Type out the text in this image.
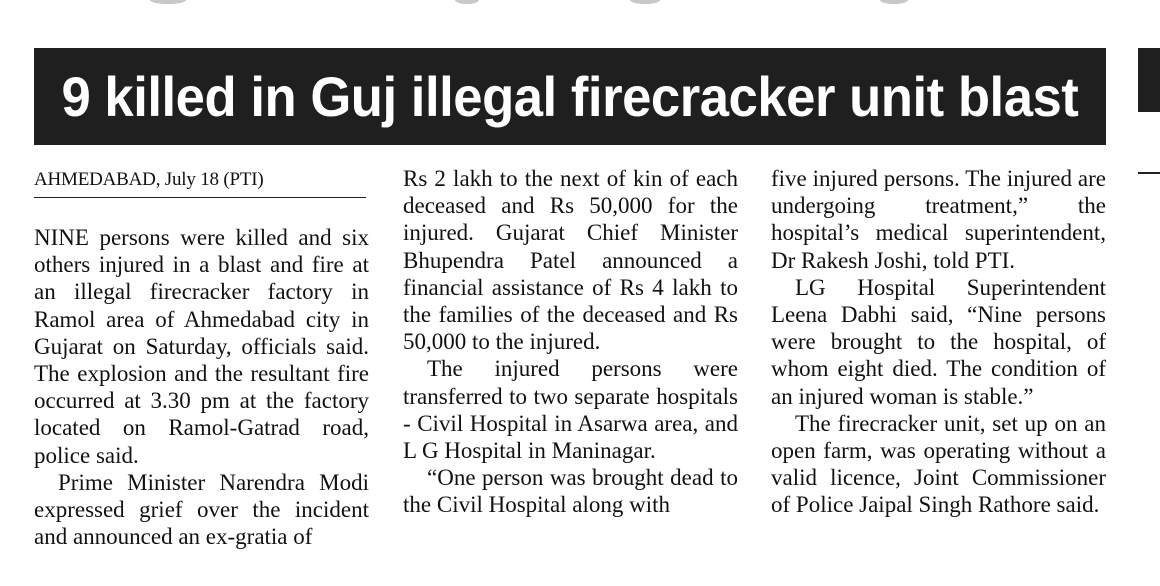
9 killed in Guj illegal firecracker unit blast
AHMEDABAD, July 18 (PTI)

NINE persons were killed and six others injured in a blast and fire at an illegal firecracker factory in Ramol area of Ahmedabad city in Gujarat on Saturday, officials said. The explosion and the resultant fire occurred at 3.30 pm at the factory located on Ramol-Gatrad road, police said.

Prime Minister Narendra Modi expressed grief over the incident and announced an ex-gratia of

Rs 2 lakh to the next of kin of each deceased and Rs 50,000 for the injured. Gujarat Chief Minister Bhupendra Patel announced a financial assistance of Rs 4 lakh to the families of the deceased and Rs 50,000 to the injured.

The injured persons were transferred to two separate hospitals - Civil Hospital in Asarwa area, and L G Hospital in Maninagar.

“One person was brought dead to the Civil Hospital along with

five injured persons. The injured are undergoing treatment,” the hospital’s medical superintendent, Dr Rakesh Joshi, told PTI.

LG Hospital Superintendent Leena Dabhi said, “Nine persons were brought to the hospital, of whom eight died. The condition of an injured woman is stable.”

The firecracker unit, set up on an open farm, was operating without a valid licence, Joint Commissioner of Police Jaipal Singh Rathore said.
